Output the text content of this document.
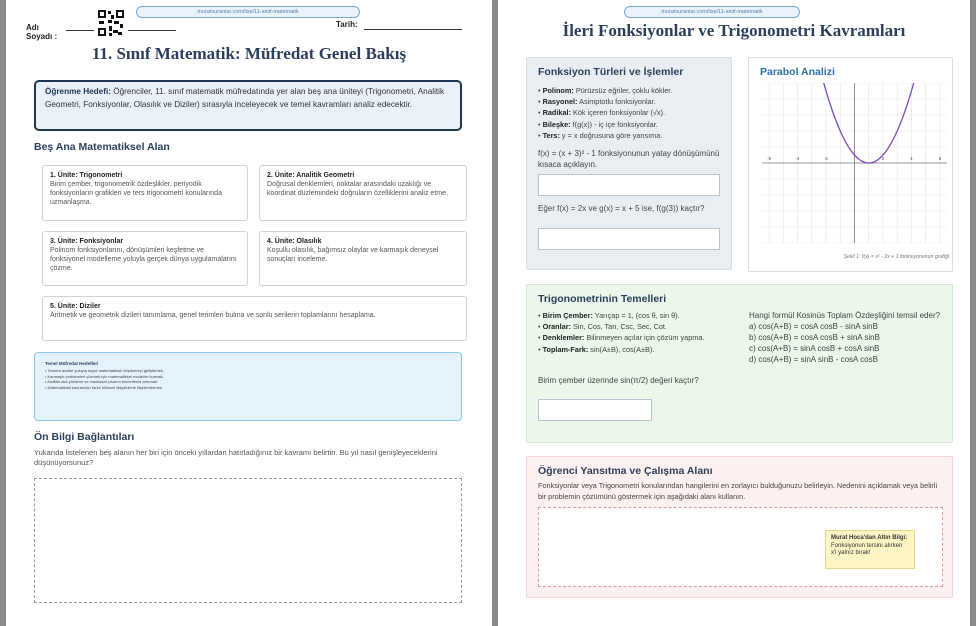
muratvuranlar.com/lise/11-sinif-matematik
Adı Soyadı :
Tarih:
11. Sınıf Matematik: Müfredat Genel Bakış
Öğrenme Hedefi: Öğrenciler, 11. sınıf matematik müfredatında yer alan beş ana üniteyi (Trigonometri, Analitik Geometri, Fonksiyonlar, Olasılık ve Diziler) sırasıyla inceleyecek ve temel kavramları analiz edecektir.
Beş Ana Matematiksel Alan
1. Ünite: Trigonometri
Birim çember, trigonometrik özdeşlikler, periyodik fonksiyonların grafikleri ve ters trigonometri konularında uzmanlaşma.
2. Ünite: Analitik Geometri
Doğrusal denklemleri, noktalar arasındaki uzaklığı ve koordinat düzlemindeki doğruların özelliklerini analiz etme.
3. Ünite: Fonksiyonlar
Polinom fonksiyonlarını, dönüşümleri keşfetme ve fonksiyonel modelleme yoluyla gerçek dünya uygulamalarını çözme.
4. Ünite: Olasılık
Koşullu olasılık, bağımsız olaylar ve karmaşık deneysel sonuçları inceleme.
5. Ünite: Diziler
Aritmetik ve geometrik dizileri tanımlama, genel terimleri bulma ve sonlu serilerin toplamlarını hesaplama.
Temel Müfredat Hedefleri
• Teorem analizi yoluyla soyut matematiksel düşünmeyi geliştirmek.
• Karmaşık problemleri çözmek için matematiksel modeller kurmak.
• Analitik akıl yürütme ve mantıksal çıkarım becerilerini artırmak.
• Matematiksel kavramları farklı bilimsel disiplinlerle ilişkilendirmek.
Ön Bilgi Bağlantıları
Yukarıda listelenen beş alanın her biri için önceki yıllardan hatırladığınız bir kavramı belirtin. Bu yıl nasıl genişleyeceklerini düşünüyorsunuz?
muratvuranlar.com/lise/11-sinif-matematik
İleri Fonksiyonlar ve Trigonometri Kavramları
Fonksiyon Türleri ve İşlemler
• Polinom: Pürüzsüz eğriler, çoklu kökler.
• Rasyonel: Asimptotlu fonksiyonlar.
• Radikal: Kök içeren fonksiyonlar (√x).
• Bileşke: f(g(x)) - iç içe fonksiyonlar.
• Ters: y = x doğrusuna göre yansıma.
f(x) = (x + 3)² - 1 fonksiyonunun yatay dönüşümünü kısaca açıklayın.
Eğer f(x) = 2x ve g(x) = x + 5 ise, f(g(3)) kaçtır?
Parabol Analizi
-6	-4	-2	2	4	6
Şekil 1: f(x) = x² - 2x + 1 fonksiyonunun grafiği
Trigonometrinin Temelleri
• Birim Çember: Yarıçap = 1, (cos θ, sin θ).
• Oranlar: Sin, Cos, Tan, Csc, Sec, Cot.
• Denklemler: Bilinmeyen açılar için çözüm yapma.
• Toplam-Fark: sin(A±B), cos(A±B).
Birim çember üzerinde sin(π/2) değeri kaçtır?
Hangi formül Kosinüs Toplam Özdeşliğini temsil eder?
a) cos(A+B) = cosA cosB - sinA sinB
b) cos(A+B) = cosA cosB + sinA sinB
c) cos(A+B) = sinA cosB + cosA sinB
d) cos(A+B) = sinA sinB - cosA cosB
Öğrenci Yansıtma ve Çalışma Alanı
Fonksiyonlar veya Trigonometri konularından hangilerini en zorlayıcı bulduğunuzu belirleyin. Nedenini açıklamak veya belirli bir problemin çözümünü göstermek için aşağıdaki alanı kullanın.
Murat Hoca'dan Altın Bilgi:
Fonksiyonun tersini alırken x'i yalnız bırak!
